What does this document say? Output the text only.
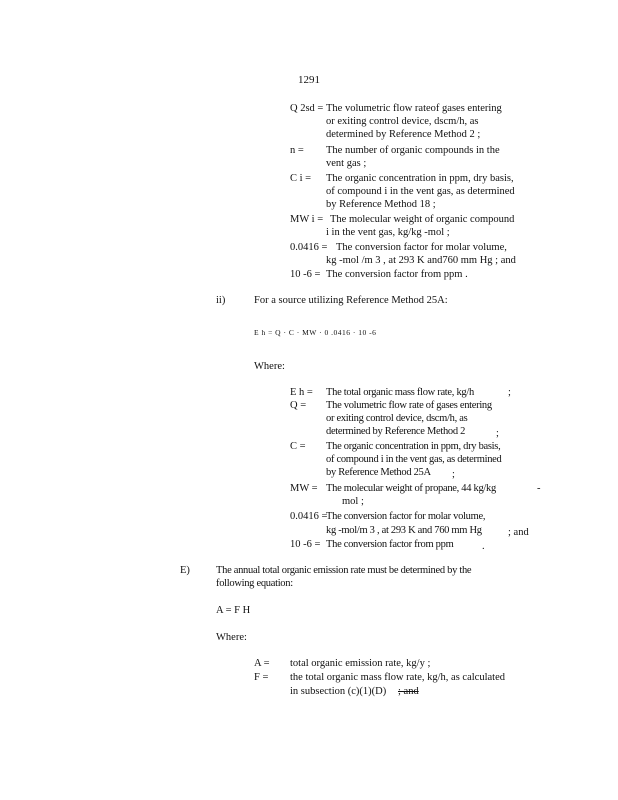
1291
Q 2sd = The volumetric flow rateof gases entering
or exiting control device, dscm/h, as
determined by Reference Method 2 ;
n = The number of organic compounds in the
vent gas ;
C i = The organic concentration in ppm, dry basis,
of compound i in the vent gas, as determined
by Reference Method 18 ;
MW i = The molecular weight of organic compound
i in the vent gas, kg/kg -mol ;
0.0416 = The conversion factor for molar volume,
kg -mol /m 3 , at 293 K and760 mm Hg ; and
10 -6 = The conversion factor from ppm .
ii)	For a source utilizing Reference Method 25A:
E h = Q · C · MW · 0 .0416 · 10 -6
Where:
E h = The total organic mass flow rate, kg/h	;
Q = The volumetric flow rate of gases entering
or exiting control device, dscm/h, as
determined by Reference Method 2	;
C = The organic concentration in ppm, dry basis,
of compound i in the vent gas, as determined
by Reference Method 25A ;
MW = The molecular weight of propane, 44 kg/kg	-
mol ;
0.0416 =
The conversion factor for molar volume,
kg -mol/m 3 , at 293 K and 760 mm Hg	; and
10 -6 = The conversion factor from ppm	.
E) The annual total organic emission rate must be determined by the
following equation:
A = F H
Where:
A = total organic emission rate, kg/y ;
F = the total organic mass flow rate, kg/h, as calculated
in subsection (c)(1)(D) ; and
